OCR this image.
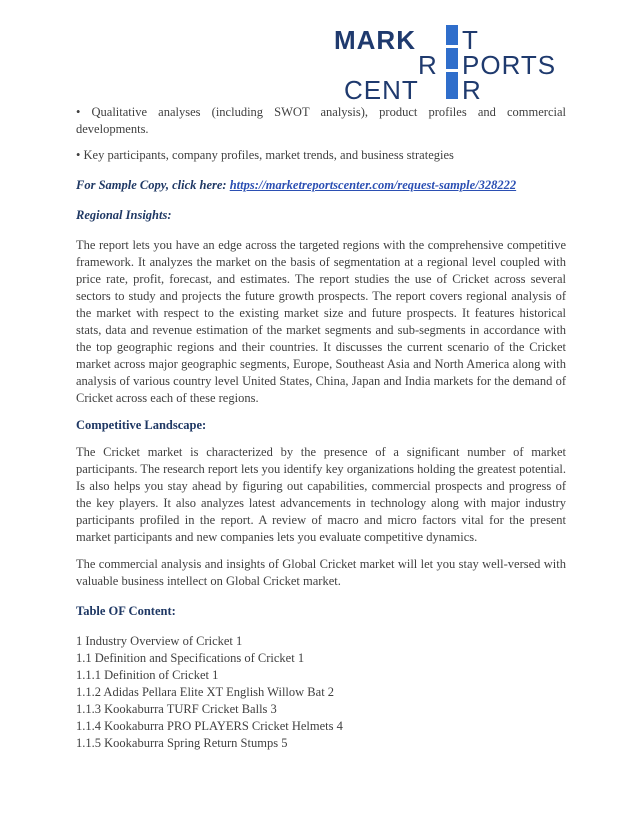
MARK T
R PORTS
CENT R

• Qualitative analyses (including SWOT analysis), product profiles and commercial developments.

• Key participants, company profiles, market trends, and business strategies

For Sample Copy, click here: https://marketreportscenter.com/request-sample/328222

Regional Insights:

The report lets you have an edge across the targeted regions with the comprehensive competitive framework. It analyzes the market on the basis of segmentation at a regional level coupled with price rate, profit, forecast, and estimates. The report studies the use of Cricket across several sectors to study and projects the future growth prospects. The report covers regional analysis of the market with respect to the existing market size and future prospects. It features historical stats, data and revenue estimation of the market segments and sub-segments in accordance with the top geographic regions and their countries. It discusses the current scenario of the Cricket market across major geographic segments, Europe, Southeast Asia and North America along with analysis of various country level United States, China, Japan and India markets for the demand of Cricket across each of these regions.

Competitive Landscape:

The Cricket market is characterized by the presence of a significant number of market participants. The research report lets you identify key organizations holding the greatest potential. Is also helps you stay ahead by figuring out capabilities, commercial prospects and progress of the key players. It also analyzes latest advancements in technology along with major industry participants profiled in the report. A review of macro and micro factors vital for the present market participants and new companies lets you evaluate competitive dynamics.

The commercial analysis and insights of Global Cricket market will let you stay well-versed with valuable business intellect on Global Cricket market.

Table OF Content:

1 Industry Overview of Cricket 1
1.1 Definition and Specifications of Cricket 1
1.1.1 Definition of Cricket 1
1.1.2 Adidas Pellara Elite XT English Willow Bat 2
1.1.3 Kookaburra TURF Cricket Balls 3
1.1.4 Kookaburra PRO PLAYERS Cricket Helmets 4
1.1.5 Kookaburra Spring Return Stumps 5
